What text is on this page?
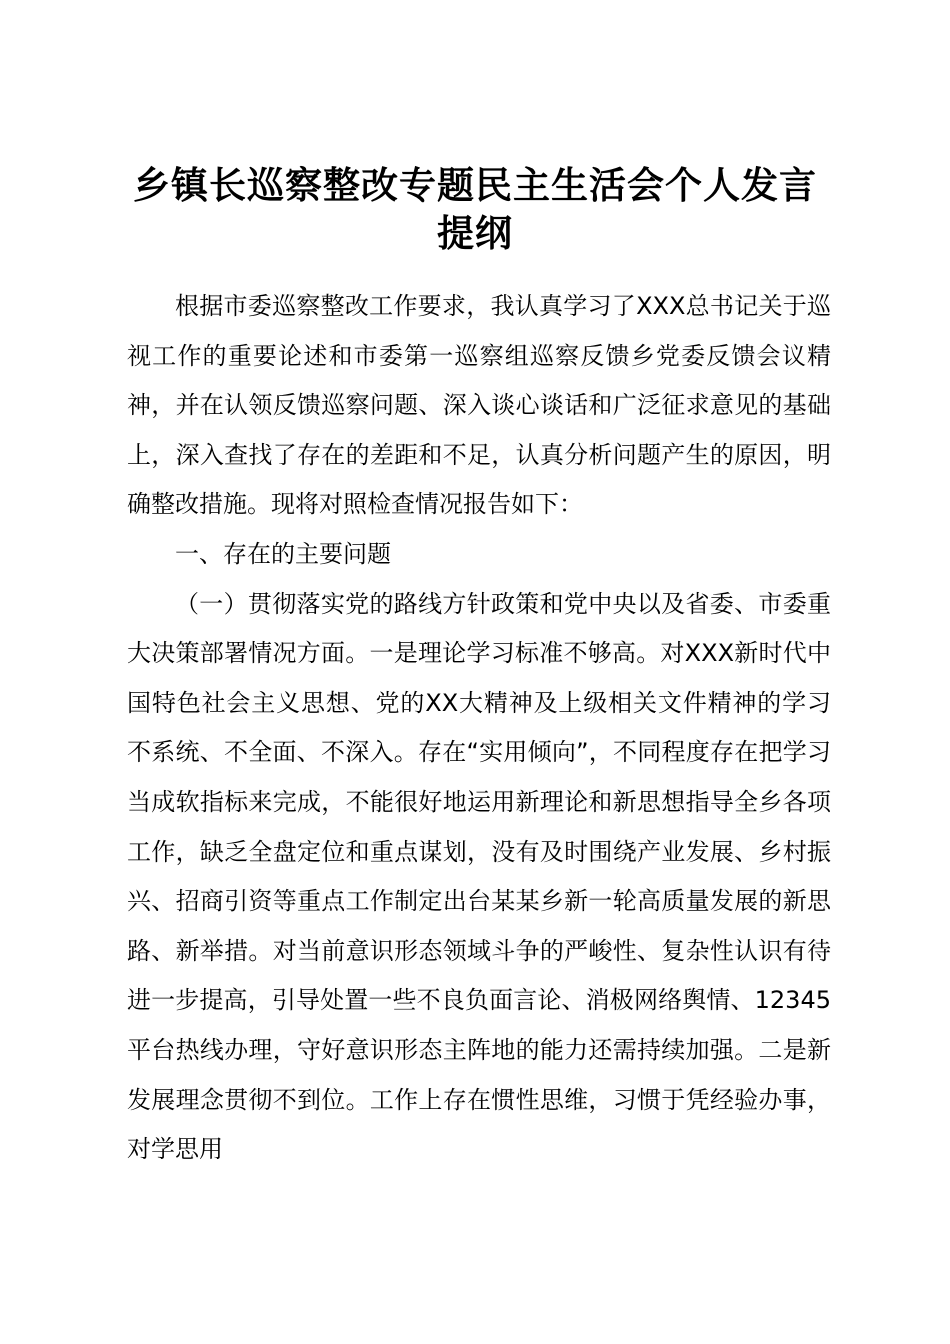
乡镇长巡察整改专题民主生活会个人发言提纲

根据市委巡察整改工作要求，我认真学习了XXX总书记关于巡视工作的重要论述和市委第一巡察组巡察反馈乡党委反馈会议精神，并在认领反馈巡察问题、深入谈心谈话和广泛征求意见的基础上，深入查找了存在的差距和不足，认真分析问题产生的原因，明确整改措施。现将对照检查情况报告如下：

一、存在的主要问题

（一）贯彻落实党的路线方针政策和党中央以及省委、市委重大决策部署情况方面。一是理论学习标准不够高。对XXX新时代中国特色社会主义思想、党的XX大精神及上级相关文件精神的学习不系统、不全面、不深入。存在“实用倾向”，不同程度存在把学习当成软指标来完成，不能很好地运用新理论和新思想指导全乡各项工作，缺乏全盘定位和重点谋划，没有及时围绕产业发展、乡村振兴、招商引资等重点工作制定出台某某乡新一轮高质量发展的新思路、新举措。对当前意识形态领域斗争的严峻性、复杂性认识有待进一步提高，引导处置一些不良负面言论、消极网络舆情、12345平台热线办理，守好意识形态主阵地的能力还需持续加强。二是新发展理念贯彻不到位。工作上存在惯性思维，习惯于凭经验办事，对学思用
